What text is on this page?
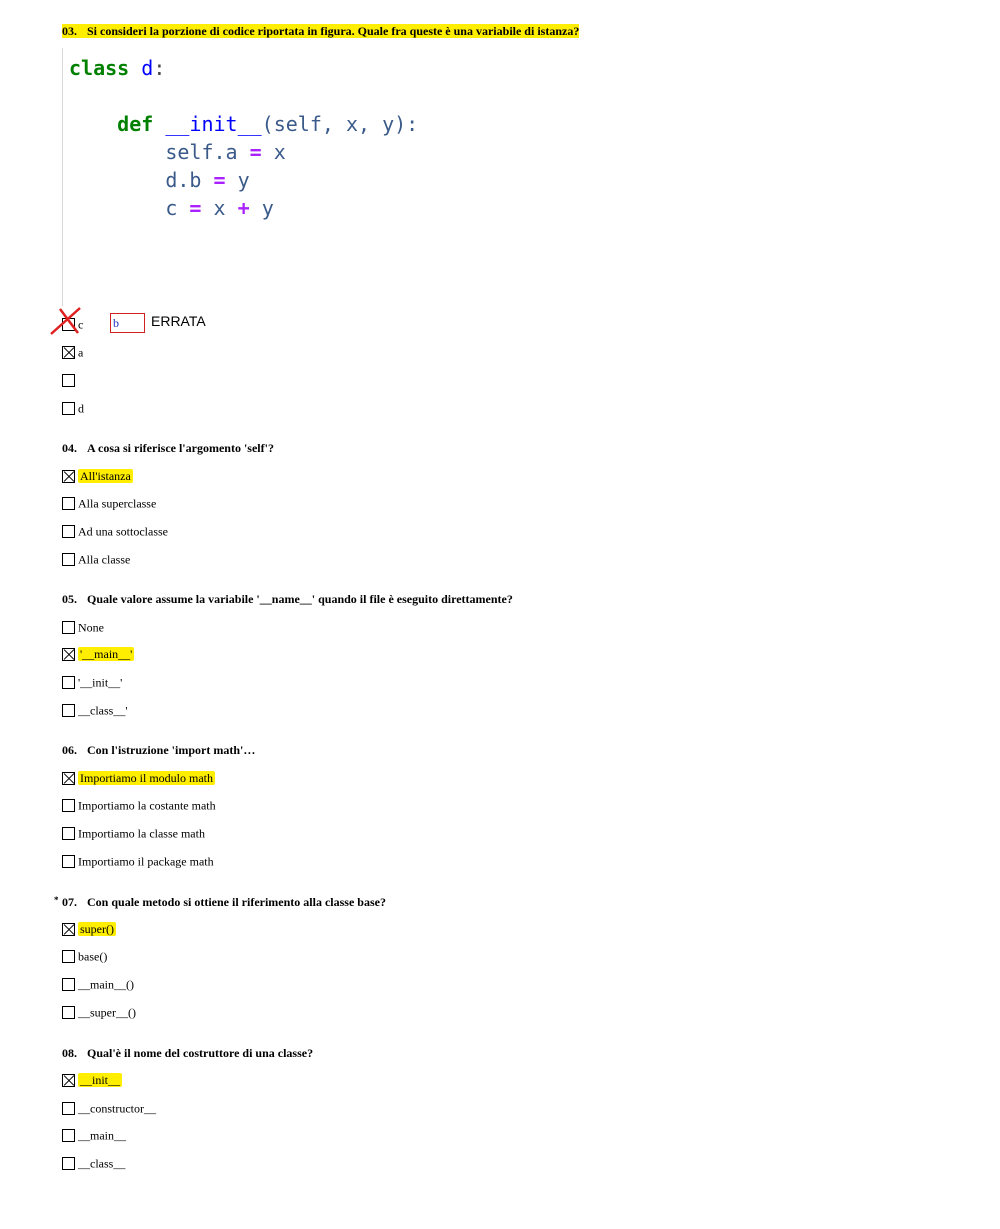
03. Si consideri la porzione di codice riportata in figura. Quale fra queste è una variabile di istanza?
class d:
def __init__(self, x, y):
self.a = x
d.b = y
c = x + y
c b	ERRATA
a
d
04. A cosa si riferisce l'argomento 'self'?
All'istanza
Alla superclasse
Ad una sottoclasse
Alla classe
05. Quale valore assume la variabile '__name__' quando il file è eseguito direttamente?
None
'__main__'
'__init__'
__class__'
06. Con l'istruzione 'import math'…
Importiamo il modulo math
Importiamo la costante math
Importiamo la classe math
Importiamo il package math
* 07. Con quale metodo si ottiene il riferimento alla classe base?
super()
base()
__main__()
__super__()
08. Qual'è il nome del costruttore di una classe?
__init__
__constructor__
__main__
__class__
